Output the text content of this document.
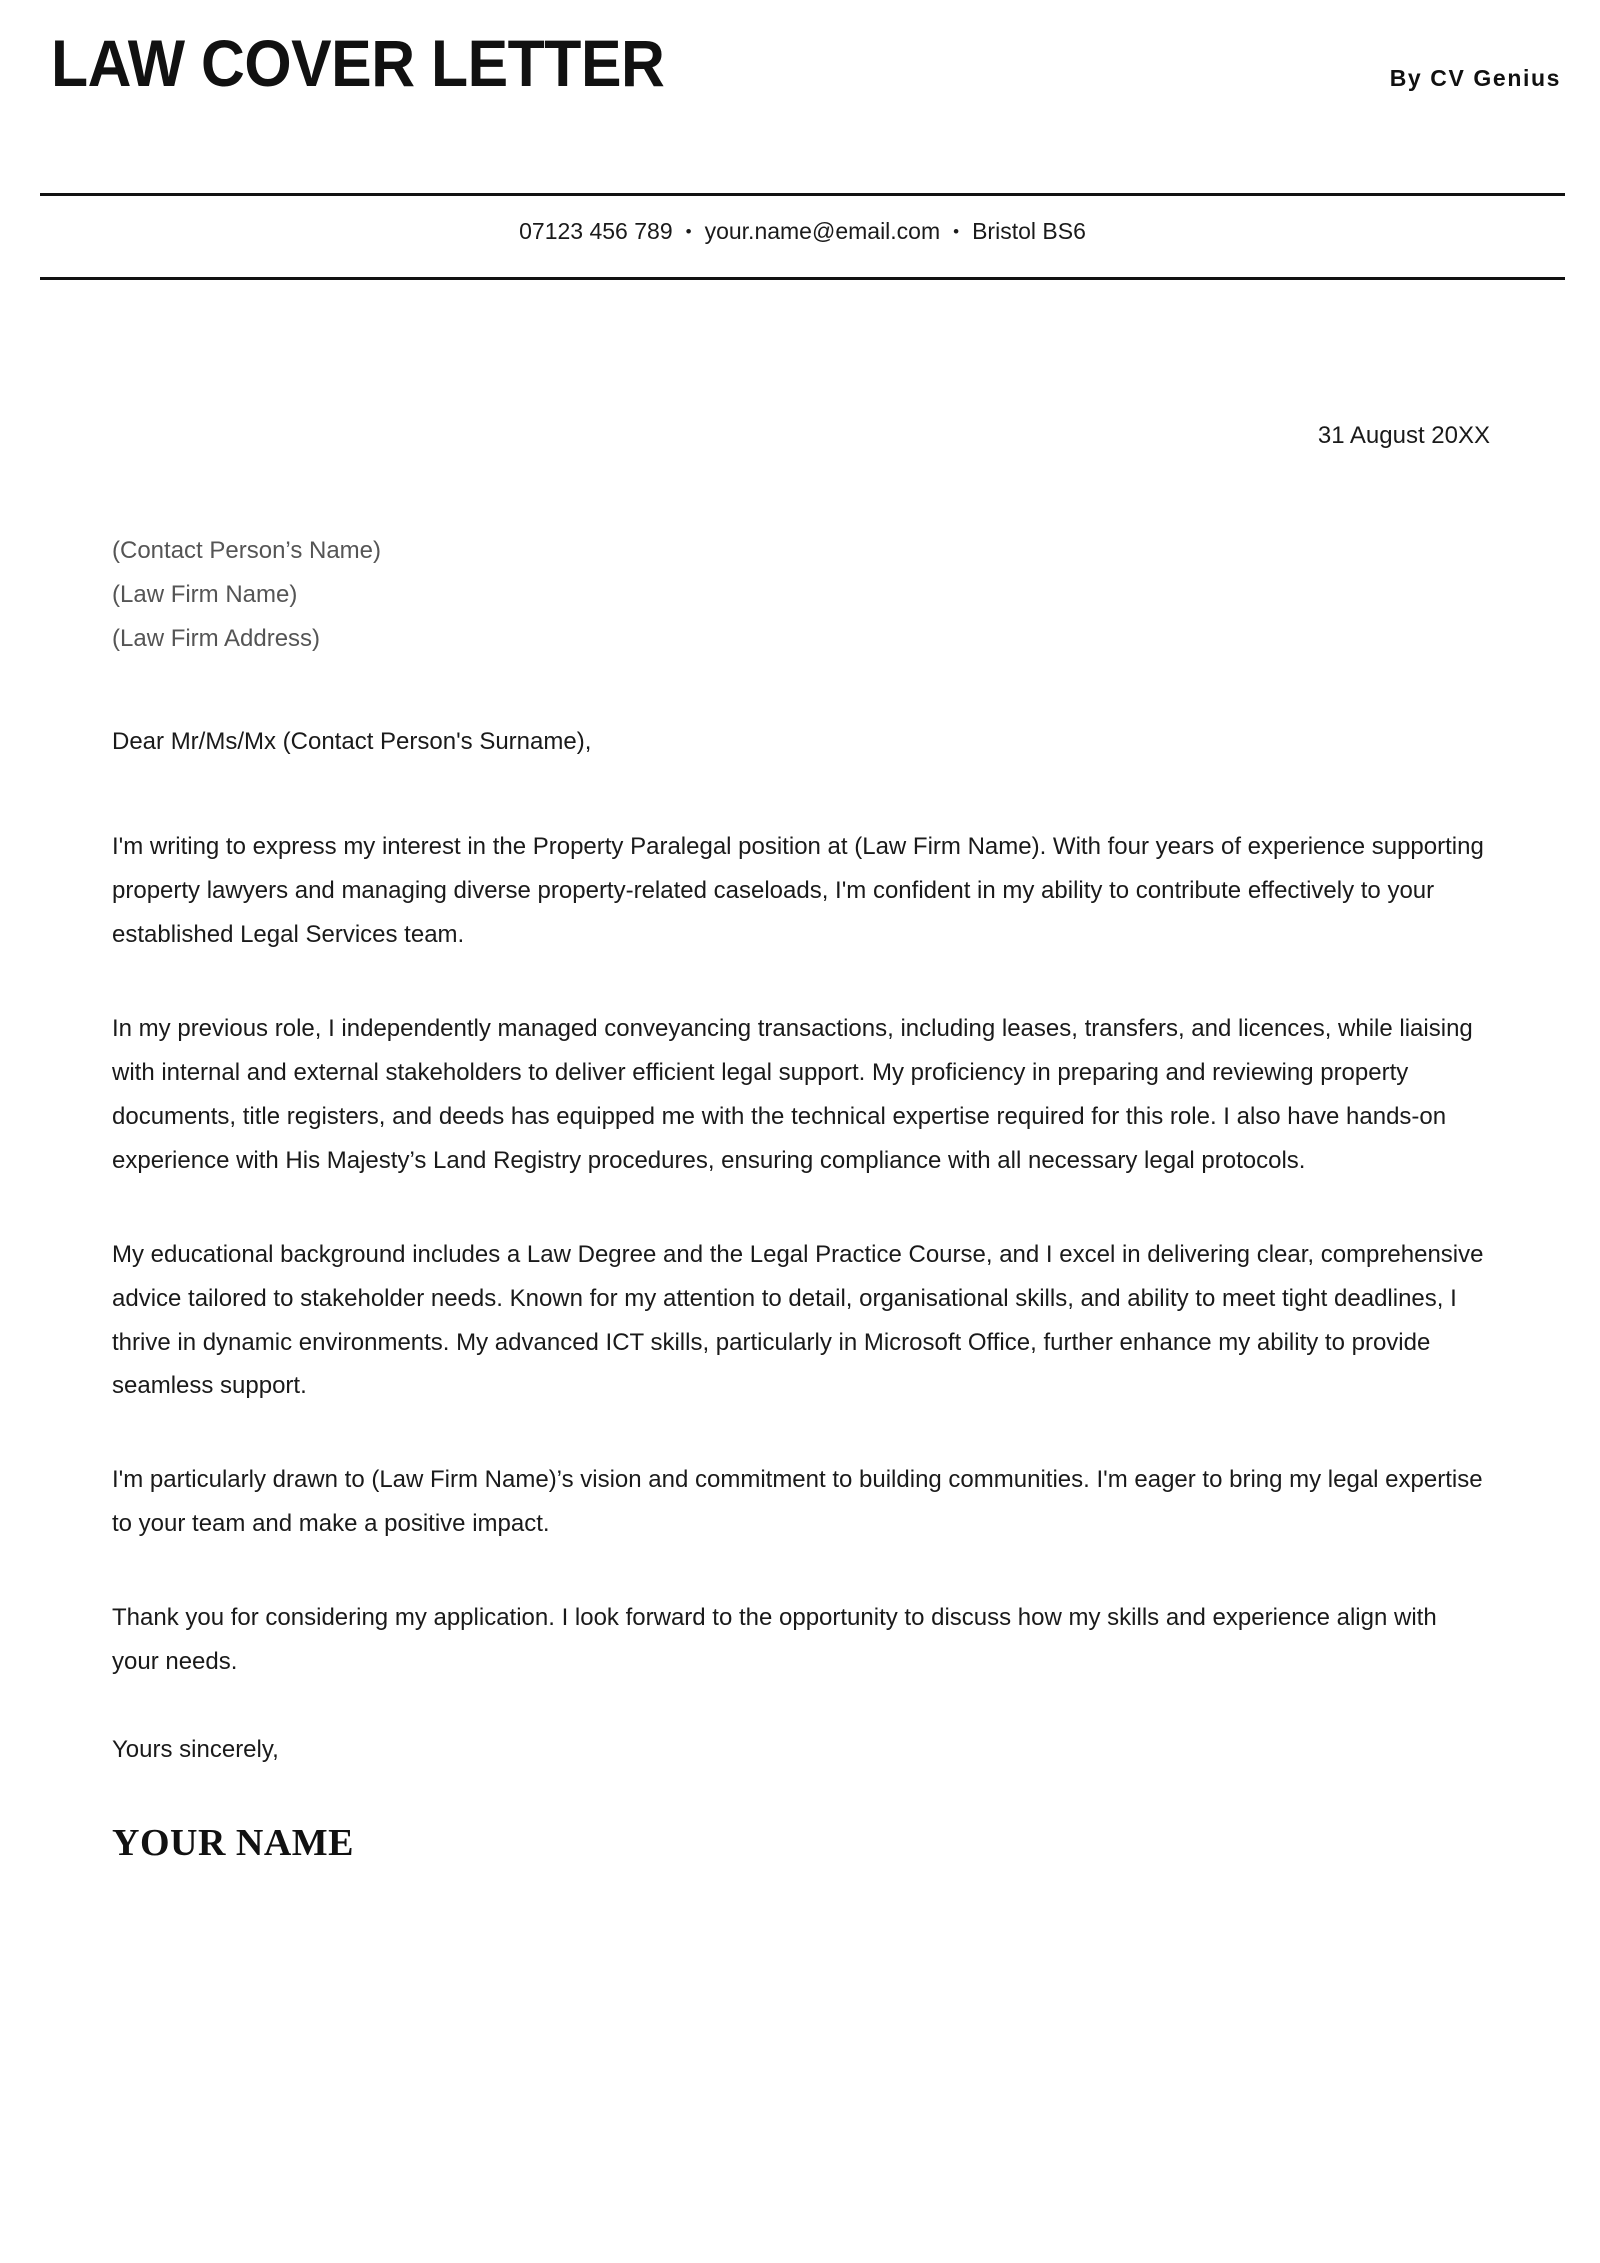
LAW COVER LETTER	By CV Genius
07123 456 789 • your.name@email.com • Bristol BS6
31 August 20XX
(Contact Person’s Name)
(Law Firm Name)
(Law Firm Address)
Dear Mr/Ms/Mx (Contact Person's Surname),

I'm writing to express my interest in the Property Paralegal position at (Law Firm Name). With four years of experience supporting property lawyers and managing diverse property-related caseloads, I'm confident in my ability to contribute effectively to your established Legal Services team.

In my previous role, I independently managed conveyancing transactions, including leases, transfers, and licences, while liaising with internal and external stakeholders to deliver efficient legal support. My proficiency in preparing and reviewing property documents, title registers, and deeds has equipped me with the technical expertise required for this role. I also have hands-on experience with His Majesty’s Land Registry procedures, ensuring compliance with all necessary legal protocols.

My educational background includes a Law Degree and the Legal Practice Course, and I excel in delivering clear, comprehensive advice tailored to stakeholder needs. Known for my attention to detail, organisational skills, and ability to meet tight deadlines, I thrive in dynamic environments. My advanced ICT skills, particularly in Microsoft Office, further enhance my ability to provide seamless support.

I'm particularly drawn to (Law Firm Name)’s vision and commitment to building communities. I'm eager to bring my legal expertise to your team and make a positive impact.

Thank you for considering my application. I look forward to the opportunity to discuss how my skills and experience align with your needs.

Yours sincerely,
YOUR NAME
